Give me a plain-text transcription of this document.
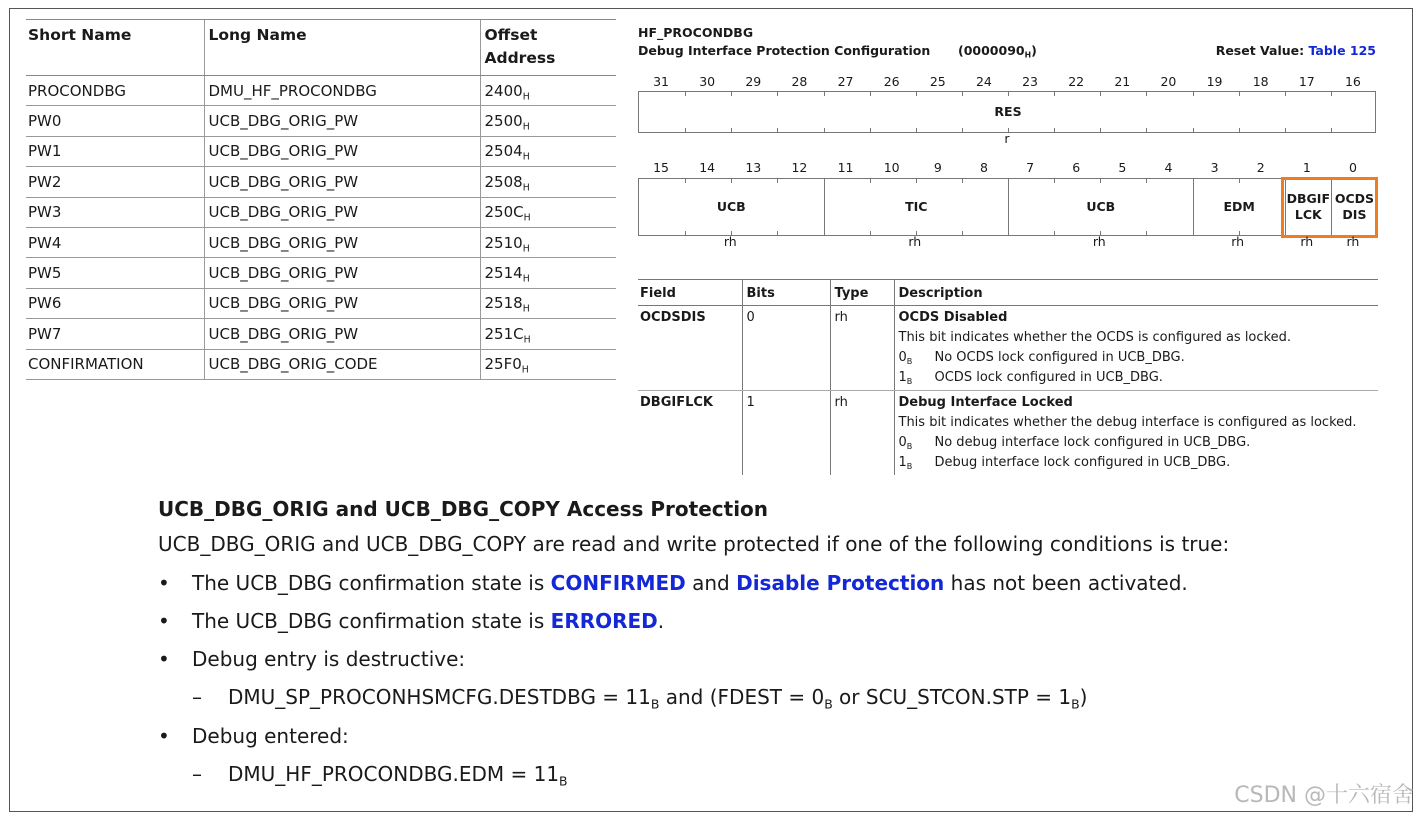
Short Name	Long Name	Offset
Address
PROCONDBG	DMU_HF_PROCONDBG	$2400_H$
PW0	UCB_DBG_ORIG_PW	$2500_H$
PW1	UCB_DBG_ORIG_PW	$2504_H$
PW2	UCB_DBG_ORIG_PW	$2508_H$
PW3	UCB_DBG_ORIG_PW	$250C_H$
PW4	UCB_DBG_ORIG_PW	$2510_H$
PW5	UCB_DBG_ORIG_PW	$2514_H$
PW6	UCB_DBG_ORIG_PW	$2518_H$
PW7	UCB_DBG_ORIG_PW	$251C_H$
CONFIRMATION	UCB_DBG_ORIG_CODE	$25F0_H$
HF_PROCONDBG
Debug Interface Protection Configuration $(0000090_H)$	Reset Value: Table 125
31	30	29	28	27	26	25	24	23	22	21	20	19	18	17	16
RES
15	14	13	12	11	10	9	8	7	6	5	4	3	2	1	0
UCB	TIC	UCB	EDM
DBGIF
LCK
OCDS
DIS
r
rh	rh	rh	rh	rh	rh
Field	Bits	Type	Description
OCDSDIS	0	rh	OCDS Disabled
This bit indicates whether the OCDS is configured as locked.
$0_B$ No OCDS lock configured in UCB_DBG.
$1_B$ OCDS lock configured in UCB_DBG.

DBGIFLCK	1	rh	Debug Interface Locked
This bit indicates whether the debug interface is configured as locked.
$0_B$ No debug interface lock configured in UCB_DBG.
$1_B$ Debug interface lock configured in UCB_DBG.
UCB_DBG_ORIG and UCB_DBG_COPY Access Protection
UCB_DBG_ORIG and UCB_DBG_COPY are read and write protected if one of the following conditions is true:
• The UCB_DBG confirmation state is CONFIRMED and Disable Protection has not been activated.
• The UCB_DBG confirmation state is ERRORED.
• Debug entry is destructive:
– DMU_SP_PROCONHSMCFG.DESTDBG = $11_B$ and (FDEST = $0_B$ or SCU_STCON.STP = $1_B$)
• Debug entered:
– DMU_HF_PROCONDBG.EDM = $11_B$
CSDN @十六宿舍
